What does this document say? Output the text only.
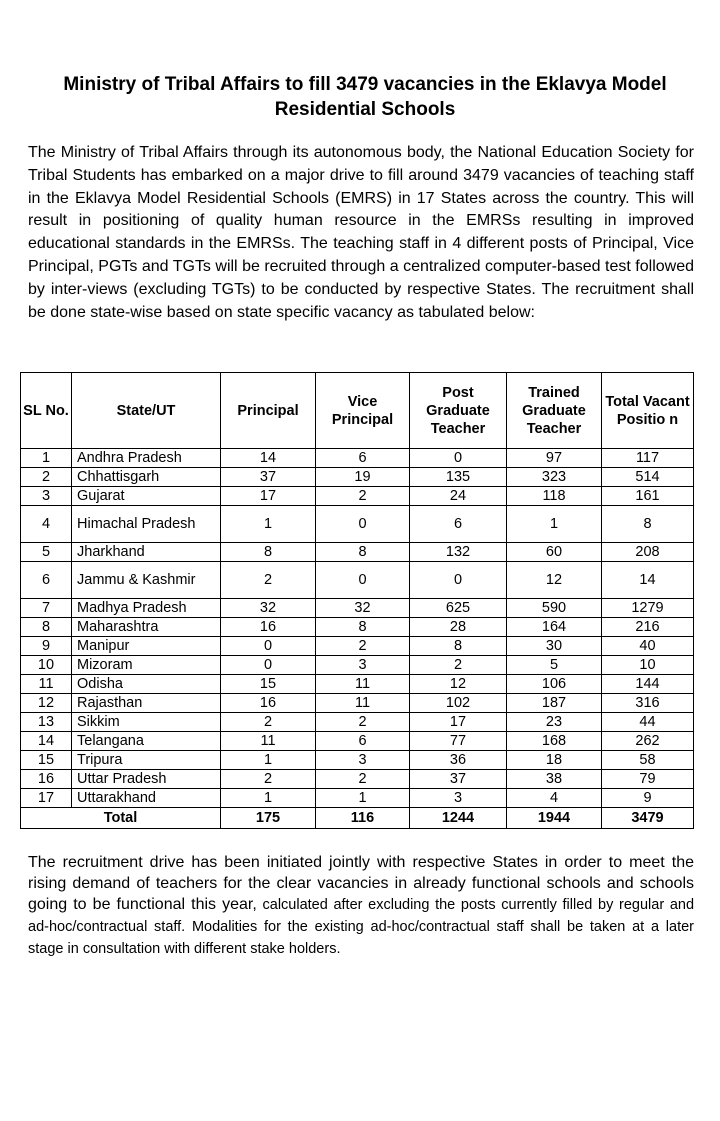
Ministry of Tribal Affairs to fill 3479 vacancies in the Eklavya Model Residential Schools
The Ministry of Tribal Affairs through its autonomous body, the National Education Society for Tribal Students has embarked on a major drive to fill around 3479 vacancies of teaching staff in the Eklavya Model Residential Schools (EMRS) in 17 States across the country. This will result in positioning of quality human resource in the EMRSs resulting in improved educational standards in the EMRSs. The teaching staff in 4 different posts of Principal, Vice Principal, PGTs and TGTs will be recruited through a centralized computer-based test followed by inter-views (excluding TGTs) to be conducted by respective States. The recruitment shall be done state-wise based on state specific vacancy as tabulated below:
SL No.	State/UT	Principal	Vice Principal	Post Graduate Teacher	Trained Graduate Teacher	Total Vacant Positio n
1	Andhra Pradesh	14	6	0	97	117
2	Chhattisgarh	37	19	135	323	514
3	Gujarat	17	2	24	118	161
4	Himachal Pradesh	1	0	6	1	8
5	Jharkhand	8	8	132	60	208
6	Jammu & Kashmir	2	0	0	12	14
7	Madhya Pradesh	32	32	625	590	1279
8	Maharashtra	16	8	28	164	216
9	Manipur	0	2	8	30	40
10	Mizoram	0	3	2	5	10
11	Odisha	15	11	12	106	144
12	Rajasthan	16	11	102	187	316
13	Sikkim	2	2	17	23	44
14	Telangana	11	6	77	168	262
15	Tripura	1	3	36	18	58
16	Uttar Pradesh	2	2	37	38	79
17	Uttarakhand	1	1	3	4	9
Total		175	116	1244	1944	3479
The recruitment drive has been initiated jointly with respective States in order to meet the rising demand of teachers for the clear vacancies in already functional schools and schools going to be functional this year, calculated after excluding the posts currently filled by regular and ad-hoc/contractual staff. Modalities for the existing ad-hoc/contractual staff shall be taken at a later stage in consultation with different stake holders.
